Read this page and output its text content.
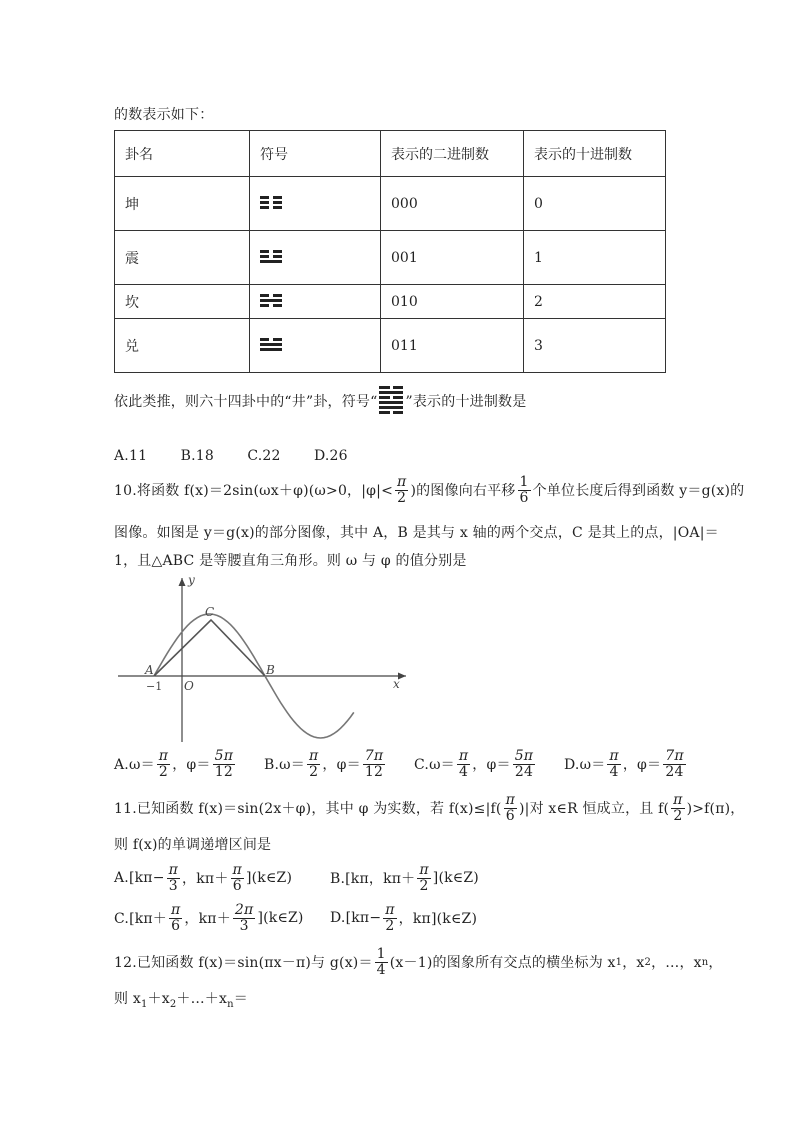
的数表示如下：
卦名	符号	表示的二进制数	表示的十进制数
坤		000	0
震		001	1
坎		010	2
兑		011	3
依此类推，则六十四卦中的“井”卦，符号“ ”表示的十进制数是
A.11 B.18 C.22 D.26
10.将函数 f(x)＝2sin(ωx＋φ)(ω>0，$|\varphi|< \frac{\pi}{2}$ )的图像向右平移 $\frac{1}{6}$ 个单位长度后得到函数 y＝g(x)的
图像。如图是 y＝g(x)的部分图像，其中 A，B 是其与 x 轴的两个交点，C 是其上的点，|OA|＝
1，且△ABC 是等腰直角三角形。则 ω 与 φ 的值分别是
y
x
A
C
B
O
−1
$A.\omega= \frac{\pi}{2}$ ，$\varphi= \frac{5\pi}{12} B.\omega= \frac{\pi}{2}$ ，$\varphi= \frac{7\pi}{12} C.\omega= \frac{\pi}{4}$ ，$\varphi= \frac{5\pi}{24} D.\omega= \frac{\pi}{4}$ ，$\varphi= \frac{7\pi}{24}$
11.已知函数 f(x)＝sin(2x＋φ)，其中 φ 为实数，若 $f(x)\le|f( \frac{\pi}{6}$ )|对 x∈R 恒成立，且 $f( \frac{\pi}{2} )>f(\pi)$，
则 f(x)的单调递增区间是
$A.[k\pi- \frac{\pi}{3}$ ，$k\pi+ \frac{\pi}{6}$ ](k∈Z)	B.[kπ，$k\pi+ \frac{\pi}{2}$ ](k∈Z)
$C.[k\pi+ \frac{\pi}{6}$ ，$k\pi+ \frac{2\pi}{3}$ ](k∈Z) $D.[k\pi- \frac{\pi}{2}$ ，kπ](k∈Z)
12.已知函数 f(x)＝sin(πx－π)与 $g(x)= \frac{1}{4} (x-1)$的图象所有交点的横坐标为 x 1 ，x 2 ，…，x n ，
则 $x_1+x_2+\dots+x_n=$
